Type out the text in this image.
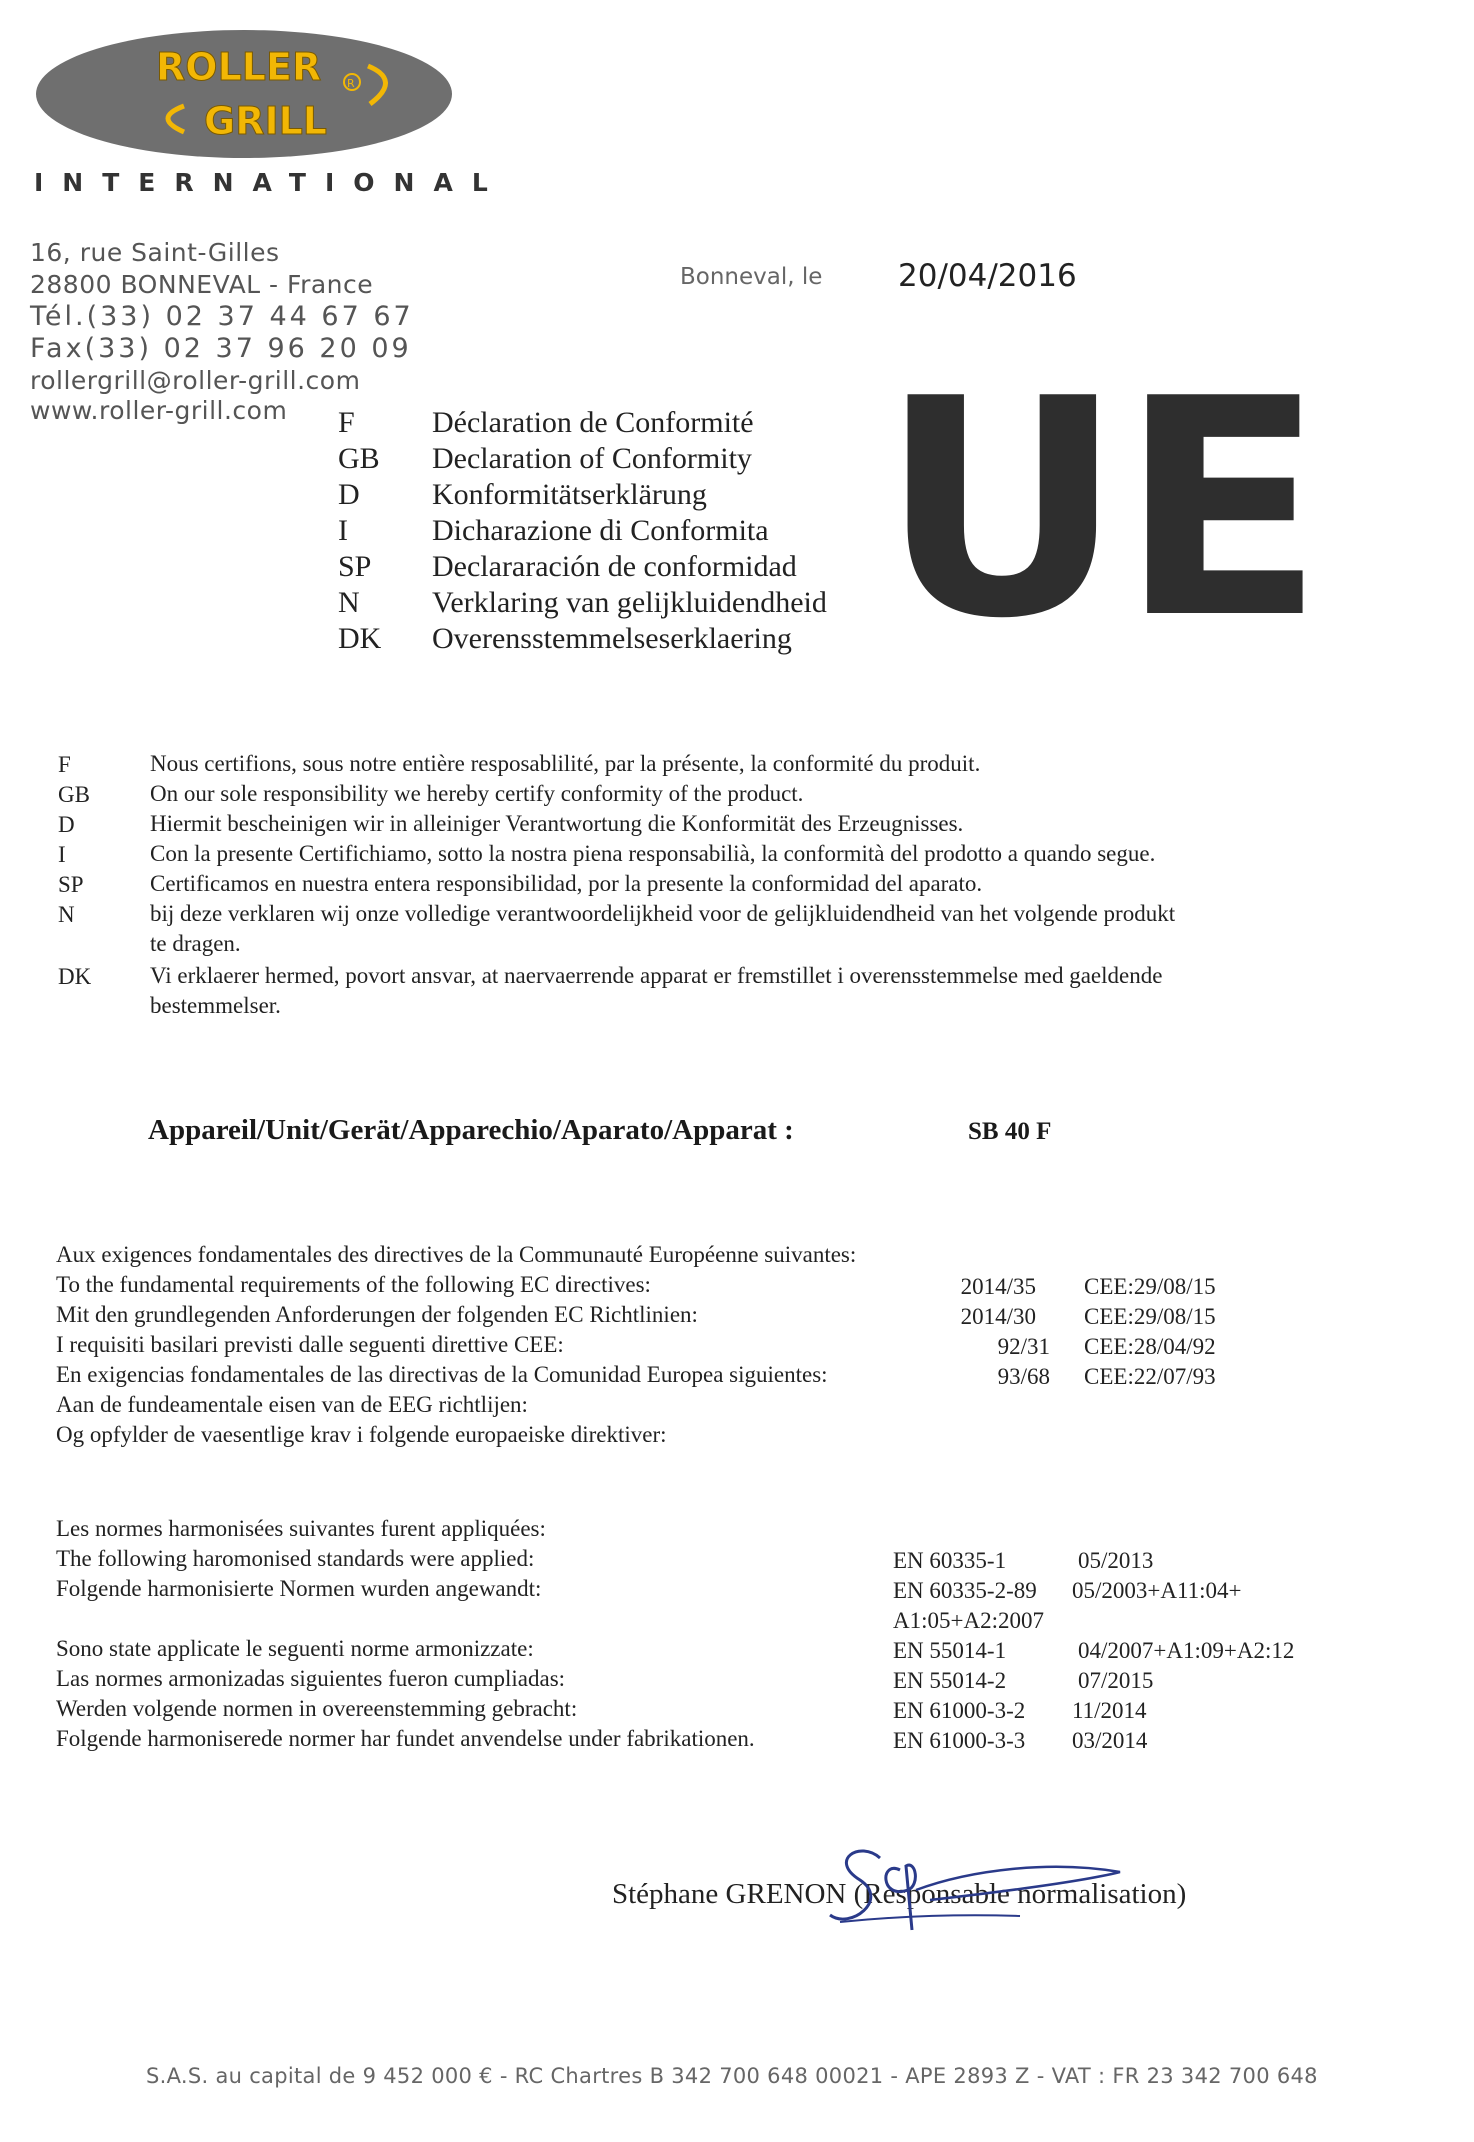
ROLLER
GRILL
R
INTERNATIONAL
16, rue Saint-Gilles
28800 BONNEVAL - France
Tél.(33) 02 37 44 67 67
Fax(33) 02 37 96 20 09
rollergrill@roller-grill.com
www.roller-grill.com
Bonneval, le 20/04/2016
F	Déclaration de Conformité
GB Declaration of Conformity
D Konformitätserklärung
I	Dicharazione di Conformita
SP Declararación de conformidad
N Verklaring van gelijkluidendheid
DK Overensstemmelseserklaering UE
F	Nous certifions, sous notre entière resposablilité, par la présente, la conformité du produit.
GB	On our sole responsibility we hereby certify conformity of the product.
D	Hiermit bescheinigen wir in alleiniger Verantwortung die Konformität des Erzeugnisses.
I	Con la presente Certifichiamo, sotto la nostra piena responsabilià, la conformità del prodotto a quando segue.
SP	Certificamos en nuestra entera responsibilidad, por la presente la conformidad del aparato.
N	bij deze verklaren wij onze volledige verantwoordelijkheid voor de gelijkluidendheid van het volgende produkt
te dragen.
DK	Vi erklaerer hermed, povort ansvar, at naervaerrende apparat er fremstillet i overensstemmelse med gaeldende
bestemmelser.
Appareil/Unit/Gerät/Apparechio/Aparato/Apparat :	SB 40 F
Aux exigences fondamentales des directives de la Communauté Européenne suivantes:
To the fundamental requirements of the following EC directives:
Mit den grundlegenden Anforderungen der folgenden EC Richtlinien:
I requisiti basilari previsti dalle seguenti direttive CEE:
En exigencias fondamentales de las directivas de la Comunidad Europea siguientes:
Aan de fundeamentale eisen van de EEG richtlijen:
Og opfylder de vaesentlige krav i folgende europaeiske direktiver:
2014/35 CEE:29/08/15
2014/30 CEE:29/08/15
92/31 CEE:28/04/92
93/68 CEE:22/07/93
Les normes harmonisées suivantes furent appliquées:
The following haromonised standards were applied:
Folgende harmonisierte Normen wurden angewandt:
Sono state applicate le seguenti norme armonizzate:
Las normes armonizadas siguientes fueron cumpliadas:
Werden volgende normen in overeenstemming gebracht:
Folgende harmoniserede normer har fundet anvendelse under fabrikationen.
EN 60335-1	05/2013
EN 60335-2-89 05/2003+A11:04+
A1:05+A2:2007
EN 55014-1	04/2007+A1:09+A2:12
EN 55014-2	07/2015
EN 61000-3-2 11/2014
EN 61000-3-3 03/2014
Stéphane GRENON (Responsable normalisation)
S.A.S. au capital de 9 452 000 € - RC Chartres B 342 700 648 00021 - APE 2893 Z - VAT : FR 23 342 700 648
